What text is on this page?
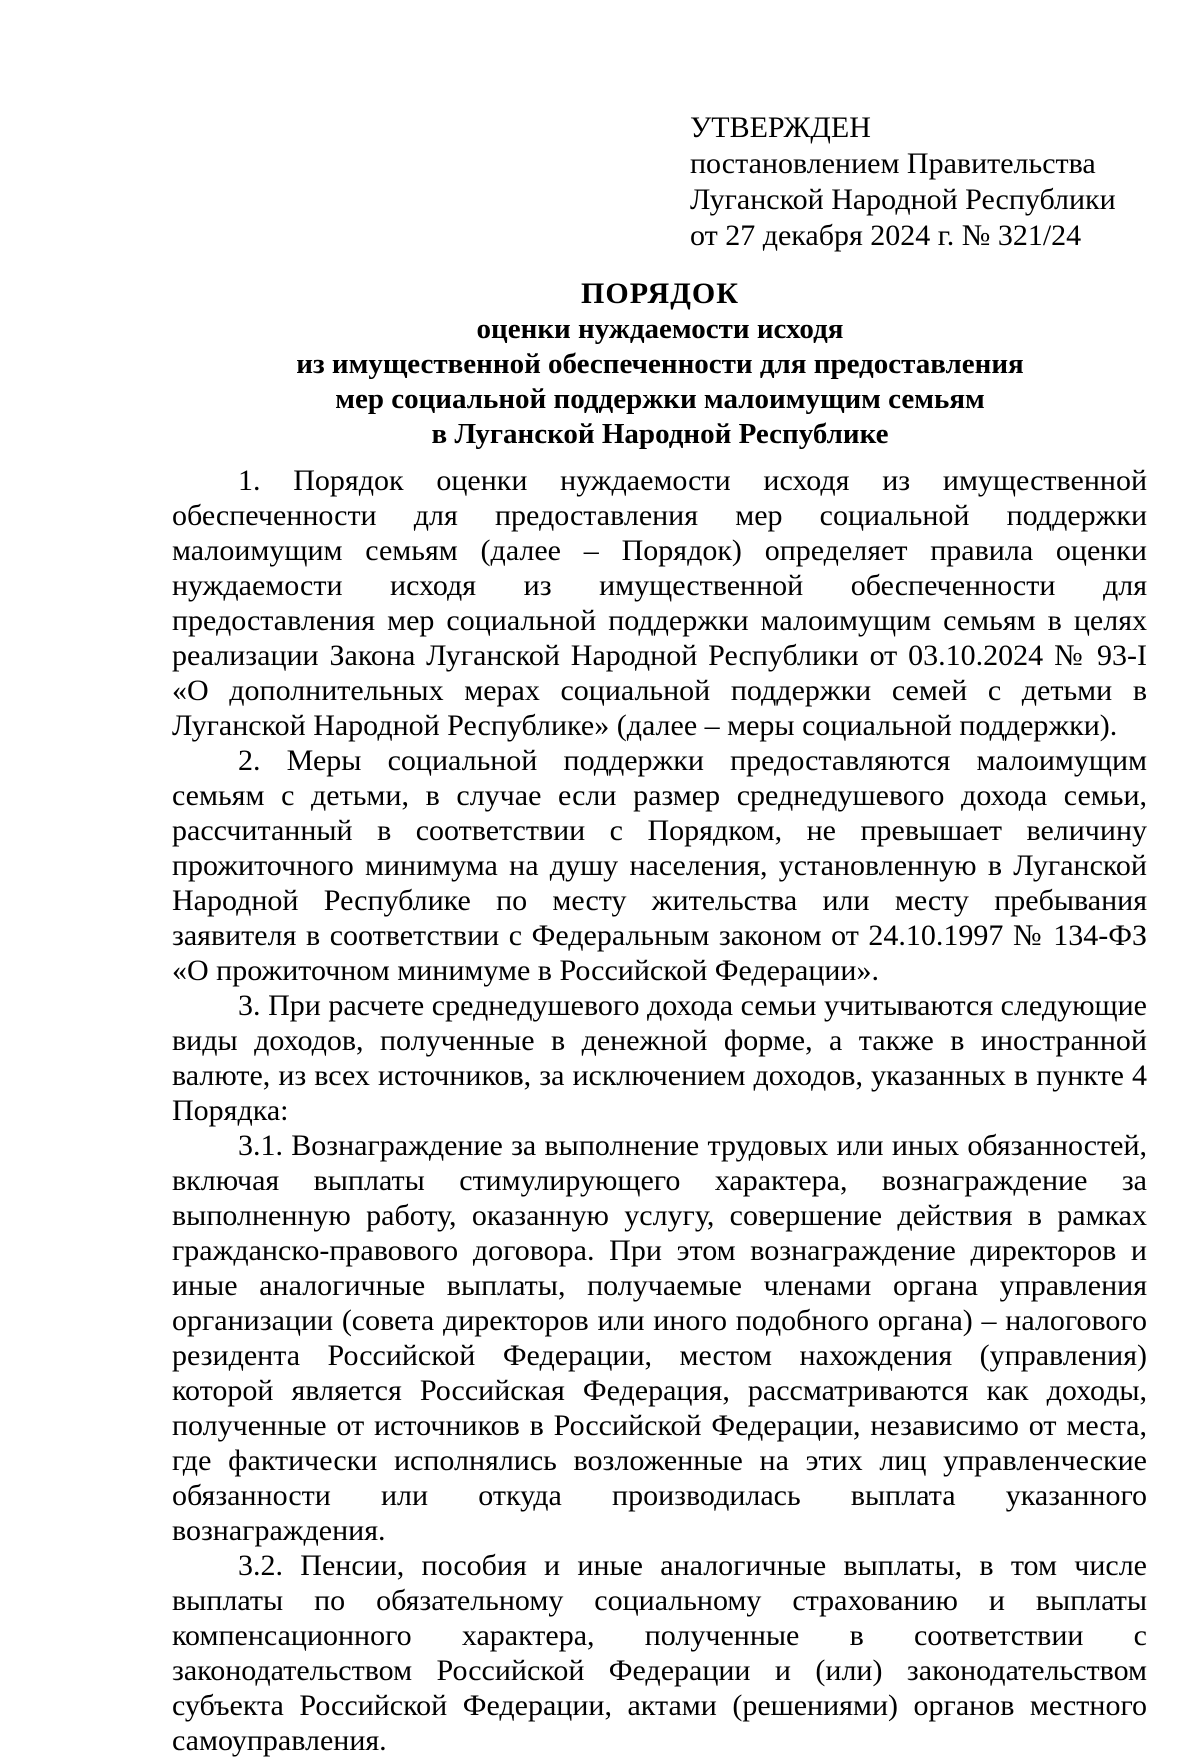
УТВЕРЖДЕН
постановлением Правительства
Луганской Народной Республики
от 27 декабря 2024 г. № 321/24
ПОРЯДОК
оценки нуждаемости исходя
из имущественной обеспеченности для предоставления
мер социальной поддержки малоимущим семьям
в Луганской Народной Республике

1. Порядок оценки нуждаемости исходя из имущественной обеспеченности для предоставления мер социальной поддержки малоимущим семьям (далее – Порядок) определяет правила оценки нуждаемости исходя из имущественной обеспеченности для предоставления мер социальной поддержки малоимущим семьям в целях реализации Закона Луганской Народной Республики от 03.10.2024 № 93-I «О дополнительных мерах социальной поддержки семей с детьми в Луганской Народной Республике» (далее – меры социальной поддержки).

2. Меры социальной поддержки предоставляются малоимущим семьям с детьми, в случае если размер среднедушевого дохода семьи, рассчитанный в соответствии с Порядком, не превышает величину прожиточного минимума на душу населения, установленную в Луганской Народной Республике по месту жительства или месту пребывания заявителя в соответствии с Федеральным законом от 24.10.1997 № 134-ФЗ «О прожиточном минимуме в Российской Федерации».

3. При расчете среднедушевого дохода семьи учитываются следующие виды доходов, полученные в денежной форме, а также в иностранной валюте, из всех источников, за исключением доходов, указанных в пункте 4 Порядка:

3.1. Вознаграждение за выполнение трудовых или иных обязанностей, включая выплаты стимулирующего характера, вознаграждение за выполненную работу, оказанную услугу, совершение действия в рамках гражданско-правового договора. При этом вознаграждение директоров и иные аналогичные выплаты, получаемые членами органа управления организации (совета директоров или иного подобного органа) – налогового резидента Российской Федерации, местом нахождения (управления) которой является Российская Федерация, рассматриваются как доходы, полученные от источников в Российской Федерации, независимо от места, где фактически исполнялись возложенные на этих лиц управленческие обязанности или откуда производилась выплата указанного вознаграждения.

3.2. Пенсии, пособия и иные аналогичные выплаты, в том числе выплаты по обязательному социальному страхованию и выплаты компенсационного характера, полученные в соответствии с законодательством Российской Федерации и (или) законодательством субъекта Российской Федерации, актами (решениями) органов местного самоуправления.
